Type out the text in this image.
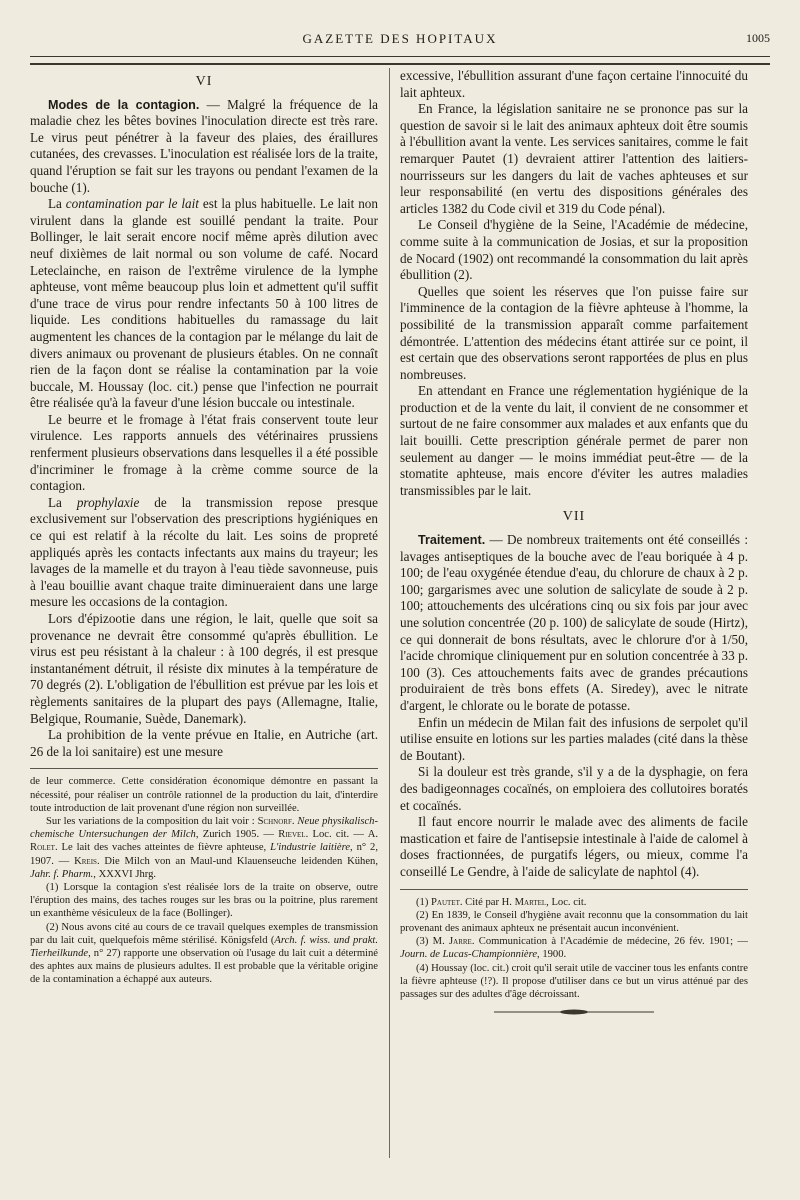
GAZETTE DES HOPITAUX	1005
VI

Modes de la contagion. — Malgré la fréquence de la maladie chez les bêtes bovines l'inoculation directe est très rare. Le virus peut pénétrer à la faveur des plaies, des éraillures cutanées, des crevasses. L'inoculation est réalisée lors de la traite, quand l'éruption se fait sur les trayons ou pendant l'examen de la bouche (1).

La contamination par le lait est la plus habituelle. Le lait non virulent dans la glande est souillé pendant la traite. Pour Bollinger, le lait serait encore nocif même après dilution avec neuf dixièmes de lait normal ou son volume de café. Nocard Leteclainche, en raison de l'extrême virulence de la lymphe aphteuse, vont même beaucoup plus loin et admettent qu'il suffit d'une trace de virus pour rendre infectants 50 à 100 litres de liquide. Les conditions habituelles du ramassage du lait augmentent les chances de la contagion par le mélange du lait de divers animaux ou provenant de plusieurs étables. On ne connaît rien de la façon dont se réalise la contamination par la voie buccale, M. Houssay (loc. cit.) pense que l'infection ne pourrait être réalisée qu'à la faveur d'une lésion buccale ou intestinale.

Le beurre et le fromage à l'état frais conservent toute leur virulence. Les rapports annuels des vétérinaires prussiens renferment plusieurs observations dans lesquelles il a été possible d'incriminer le fromage à la crème comme source de la contagion.

La prophylaxie de la transmission repose presque exclusivement sur l'observation des prescriptions hygiéniques en ce qui est relatif à la récolte du lait. Les soins de propreté appliqués après les contacts infectants aux mains du trayeur; les lavages de la mamelle et du trayon à l'eau tiède savonneuse, puis à l'eau bouillie avant chaque traite diminueraient dans une large mesure les occasions de la contagion.

Lors d'épizootie dans une région, le lait, quelle que soit sa provenance ne devrait être consommé qu'après ébullition. Le virus est peu résistant à la chaleur : à 100 degrés, il est presque instantanément détruit, il résiste dix minutes à la température de 70 degrés (2). L'obligation de l'ébullition est prévue par les lois et règlements sanitaires de la plupart des pays (Allemagne, Italie, Belgique, Roumanie, Suède, Danemark).

La prohibition de la vente prévue en Italie, en Autriche (art. 26 de la loi sanitaire) est une mesure

de leur commerce. Cette considération économique démontre en passant la nécessité, pour réaliser un contrôle rationnel de la production du lait, d'interdire toute introduction de lait provenant d'une région non surveillée.

Sur les variations de la composition du lait voir : Schnorf. Neue physikalisch-chemische Untersuchungen der Milch, Zurich 1905. — Rievel. Loc. cit. — A. Rolet. Le lait des vaches atteintes de fièvre aphteuse, L'industrie laitière, n° 2, 1907. — Kreis. Die Milch von an Maul-und Klauenseuche leidenden Kühen, Jahr. f. Pharm., XXXVI Jhrg.

(1) Lorsque la contagion s'est réalisée lors de la traite on observe, outre l'éruption des mains, des taches rouges sur les bras ou la poitrine, plus rarement un exanthème vésiculeux de la face (Bollinger).

(2) Nous avons cité au cours de ce travail quelques exemples de transmission par du lait cuit, quelquefois même stérilisé. Königsfeld (Arch. f. wiss. und prakt. Tierheilkunde, n° 27) rapporte une observation où l'usage du lait cuit a déterminé des aphtes aux mains de plusieurs adultes. Il est probable que la véritable origine de la contamination a échappé aux auteurs.

excessive, l'ébullition assurant d'une façon certaine l'innocuité du lait aphteux.

En France, la législation sanitaire ne se prononce pas sur la question de savoir si le lait des animaux aphteux doit être soumis à l'ébullition avant la vente. Les services sanitaires, comme le fait remarquer Pautet (1) devraient attirer l'attention des laitiers-nourrisseurs sur les dangers du lait de vaches aphteuses et sur leur responsabilité (en vertu des dispositions générales des articles 1382 du Code civil et 319 du Code pénal).

Le Conseil d'hygiène de la Seine, l'Académie de médecine, comme suite à la communication de Josias, et sur la proposition de Nocard (1902) ont recommandé la consommation du lait après ébullition (2).

Quelles que soient les réserves que l'on puisse faire sur l'imminence de la contagion de la fièvre aphteuse à l'homme, la possibilité de la transmission apparaît comme parfaitement démontrée. L'attention des médecins étant attirée sur ce point, il est certain que des observations seront rapportées de plus en plus nombreuses.

En attendant en France une réglementation hygiénique de la production et de la vente du lait, il convient de ne consommer et surtout de ne faire consommer aux malades et aux enfants que du lait bouilli. Cette prescription générale permet de parer non seulement au danger — le moins immédiat peut-être — de la stomatite aphteuse, mais encore d'éviter les autres maladies transmissibles par le lait.

VII

Traitement. — De nombreux traitements ont été conseillés : lavages antiseptiques de la bouche avec de l'eau boriquée à 4 p. 100; de l'eau oxygénée étendue d'eau, du chlorure de chaux à 2 p. 100; gargarismes avec une solution de salicylate de soude à 2 p. 100; attouchements des ulcérations cinq ou six fois par jour avec une solution concentrée (20 p. 100) de salicylate de soude (Hirtz), ce qui donnerait de bons résultats, avec le chlorure d'or à 1/50, l'acide chromique cliniquement pur en solution concentrée à 33 p. 100 (3). Ces attouchements faits avec de grandes précautions produiraient de très bons effets (A. Siredey), avec le nitrate d'argent, le chlorate ou le borate de potasse.

Enfin un médecin de Milan fait des infusions de serpolet qu'il utilise ensuite en lotions sur les parties malades (cité dans la thèse de Boutant).

Si la douleur est très grande, s'il y a de la dysphagie, on fera des badigeonnages cocaïnés, on emploiera des collutoires boratés et cocaïnés.

Il faut encore nourrir le malade avec des aliments de facile mastication et faire de l'antisepsie intestinale à l'aide de calomel à doses fractionnées, de purgatifs légers, ou mieux, comme l'a conseillé Le Gendre, à l'aide de salicylate de naphtol (4).

(1) Pautet. Cité par H. Martel, Loc. cit.

(2) En 1839, le Conseil d'hygiène avait reconnu que la consommation du lait provenant des animaux aphteux ne présentait aucun inconvénient.

(3) M. Jarre. Communication à l'Académie de médecine, 26 fév. 1901; — Journ. de Lucas-Championnière, 1900.

(4) Houssay (loc. cit.) croit qu'il serait utile de vacciner tous les enfants contre la fièvre aphteuse (!?). Il propose d'utiliser dans ce but un virus atténué par des passages sur des adultes d'âge décroissant.
